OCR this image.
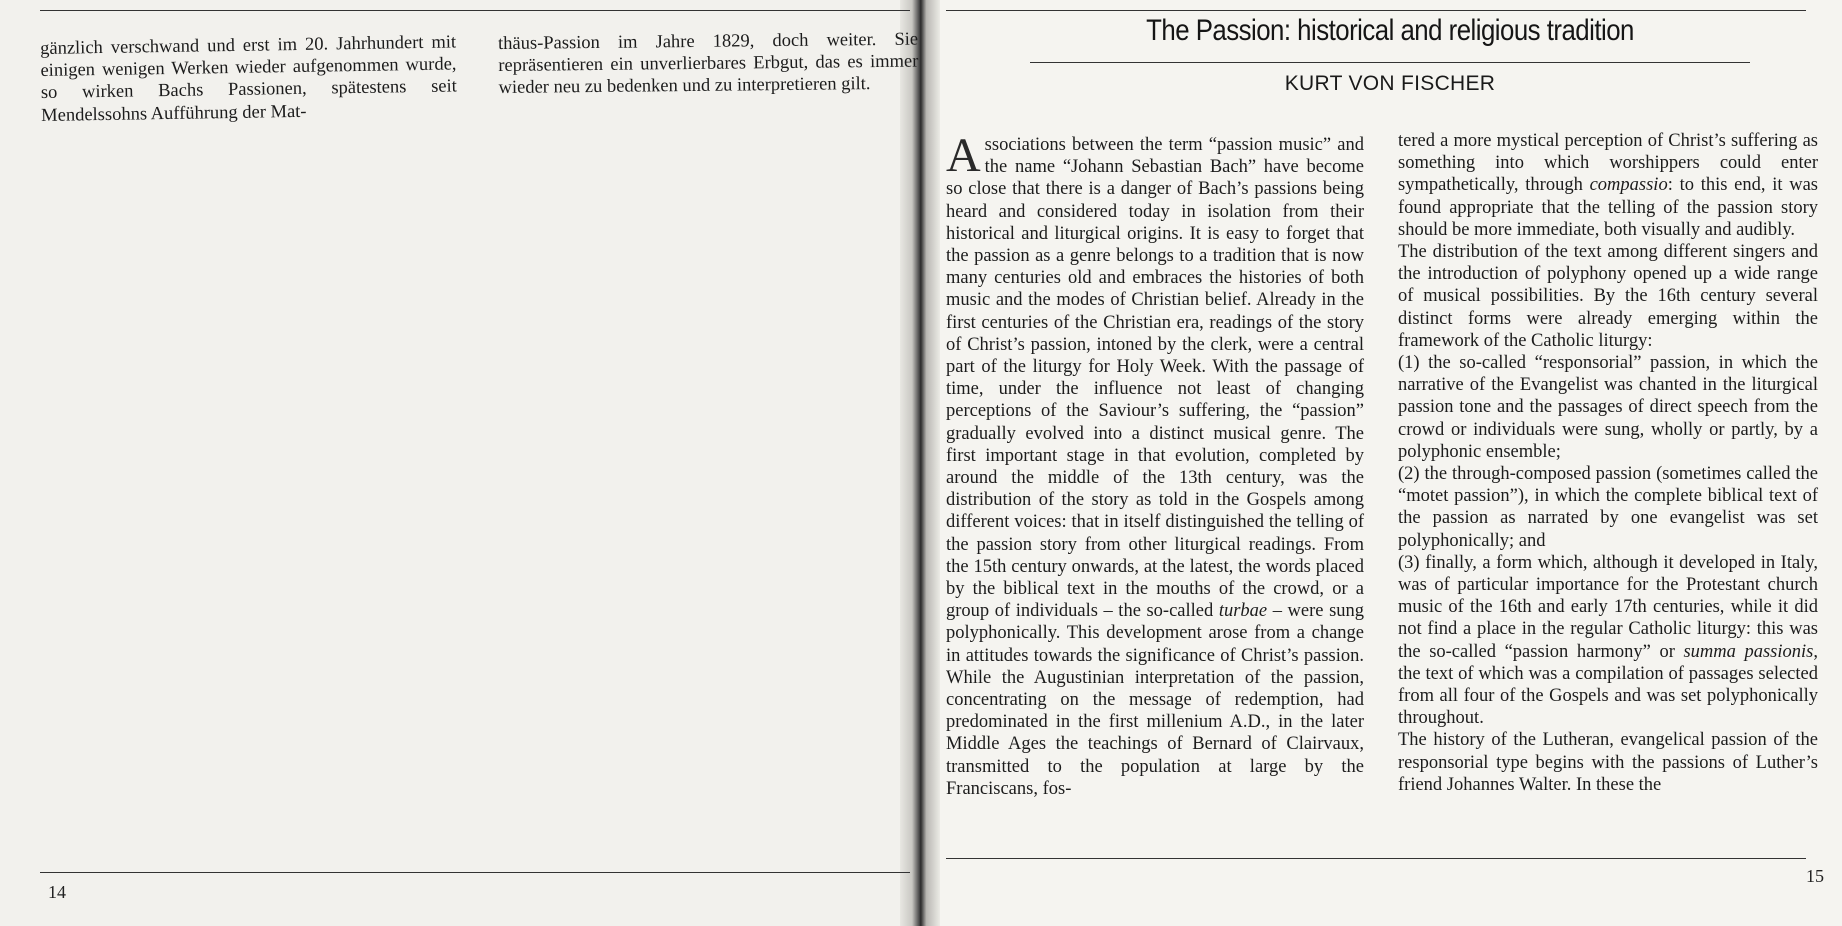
gänzlich verschwand und erst im 20. Jahrhundert mit einigen wenigen Werken wieder aufgenommen wurde, so wirken Bachs Passionen, spätestens seit Mendelssohns Aufführung der Mat-

thäus-Passion im Jahre 1829, doch weiter. Sie repräsentieren ein unverlierbares Erbgut, das es immer wieder neu zu bedenken und zu interpretieren gilt.

14
The Passion: historical and religious tradition
KURT VON FISCHER

Associations between the term “passion music” and the name “Johann Sebastian Bach” have become so close that there is a danger of Bach’s passions being heard and considered today in isolation from their historical and liturgical origins. It is easy to forget that the passion as a genre belongs to a tradition that is now many centuries old and embraces the histories of both music and the modes of Christian belief. Already in the first centuries of the Christian era, readings of the story of Christ’s passion, intoned by the clerk, were a central part of the liturgy for Holy Week. With the passage of time, under the influence not least of changing perceptions of the Saviour’s suffering, the “passion” gradually evolved into a distinct musical genre. The first important stage in that evolution, completed by around the middle of the 13th century, was the distribution of the story as told in the Gospels among different voices: that in itself distinguished the telling of the passion story from other liturgical readings. From the 15th century onwards, at the latest, the words placed by the biblical text in the mouths of the crowd, or a group of individuals – the so-called turbae – were sung polyphonically. This development arose from a change in attitudes towards the significance of Christ’s passion. While the Augustinian interpretation of the passion, concentrating on the message of redemption, had predominated in the first millenium A.D., in the later Middle Ages the teachings of Bernard of Clairvaux, transmitted to the population at large by the Franciscans, fos-

tered a more mystical perception of Christ’s suffering as something into which worshippers could enter sympathetically, through compassio: to this end, it was found appropriate that the telling of the passion story should be more immediate, both visually and audibly.

The distribution of the text among different singers and the introduction of polyphony opened up a wide range of musical possibilities. By the 16th century several distinct forms were already emerging within the framework of the Catholic liturgy:

(1) the so-called “responsorial” passion, in which the narrative of the Evangelist was chanted in the liturgical passion tone and the passages of direct speech from the crowd or individuals were sung, wholly or partly, by a polyphonic ensemble;

(2) the through-composed passion (sometimes called the “motet passion”), in which the complete biblical text of the passion as narrated by one evangelist was set polyphonically; and

(3) finally, a form which, although it developed in Italy, was of particular importance for the Protestant church music of the 16th and early 17th centuries, while it did not find a place in the regular Catholic liturgy: this was the so-called “passion harmony” or summa passionis, the text of which was a compilation of passages selected from all four of the Gospels and was set polyphonically throughout.

The history of the Lutheran, evangelical passion of the responsorial type begins with the passions of Luther’s friend Johannes Walter. In these the

15
